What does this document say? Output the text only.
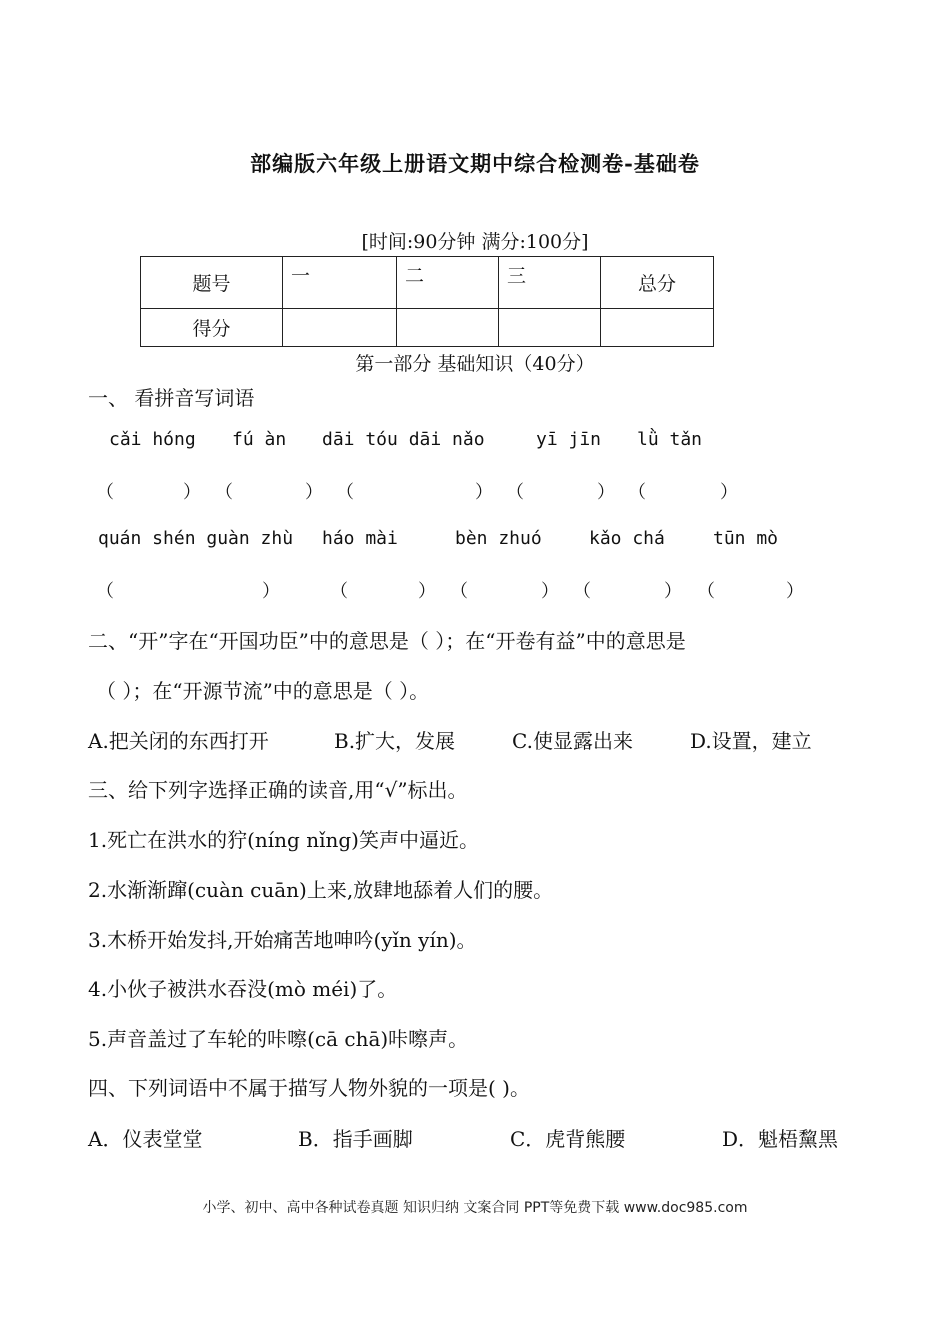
部编版六年级上册语文期中综合检测卷-基础卷
[时间:90分钟 满分:100分]
题号	一	二	三	总分
得分				
第一部分 基础知识（40分）
一、 看拼音写词语
cǎi hóng fú àn dāi tóu dāi nǎo	yī jīn lǜ tǎn
（	） （	） （	） （	） （	）
quán shén guàn zhù háo mài	bèn zhuó	kǎo chá	tūn mò
（	）	（	） （	） （	） （	）
二、“开”字在“开国功臣”中的意思是（ ）；在“开卷有益”中的意思是
（ ）；在“开源节流”中的意思是（ ）。
A.把关闭的东西打开	B.扩大，发展	C.使显露出来	D.设置，建立
三、给下列字选择正确的读音,用“√”标出。
1.死亡在洪水的狞(níng nǐng)笑声中逼近。
2.水渐渐蹿(cuàn cuān)上来,放肆地舔着人们的腰。
3.木桥开始发抖,开始痛苦地呻吟(yǐn yín)。
4.小伙子被洪水吞没(mò méi)了。
5.声音盖过了车轮的咔嚓(cā chā)咔嚓声。
四、下列词语中不属于描写人物外貌的一项是( )。
A．仪表堂堂	B．指手画脚	C．虎背熊腰	D．魁梧黧黑
小学、初中、高中各种试卷真题 知识归纳 文案合同 PPT等免费下载 www.doc985.com
